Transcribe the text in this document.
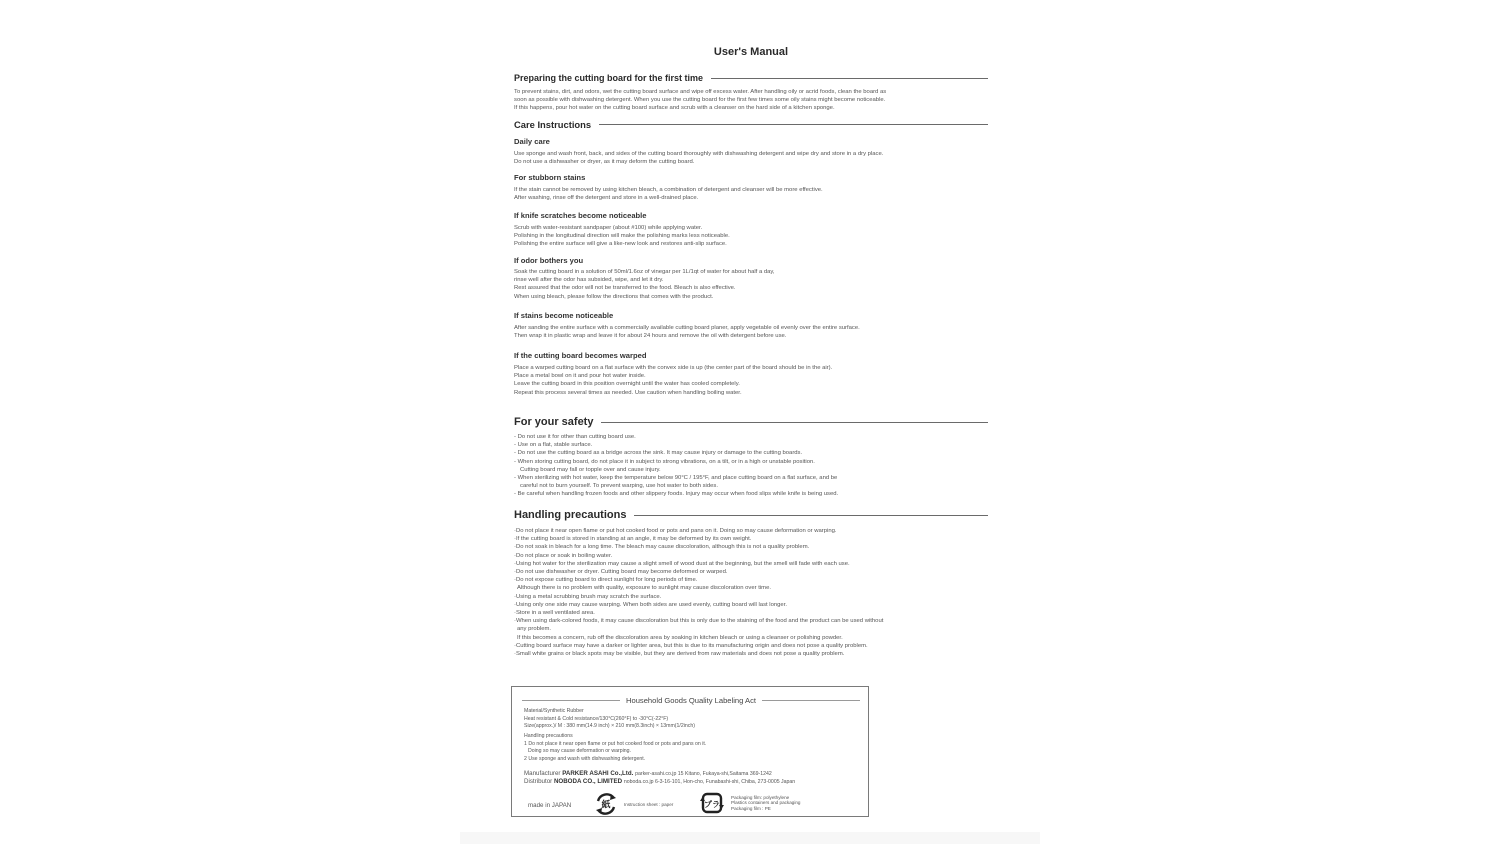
User's Manual
Preparing the cutting board for the first time
To prevent stains, dirt, and odors, wet the cutting board surface and wipe off excess water. After handling oily or acrid foods, clean the board as
soon as possible with dishwashing detergent. When you use the cutting board for the first few times some oily stains might become noticeable.
If this happens, pour hot water on the cutting board surface and scrub with a cleanser on the hard side of a kitchen sponge.
Care Instructions
Daily care
Use sponge and wash front, back, and sides of the cutting board thoroughly with dishwashing detergent and wipe dry and store in a dry place.
Do not use a dishwasher or dryer, as it may deform the cutting board.
For stubborn stains
If the stain cannot be removed by using kitchen bleach, a combination of detergent and cleanser will be more effective.
After washing, rinse off the detergent and store in a well-drained place.
If knife scratches become noticeable
Scrub with water-resistant sandpaper (about #100) while applying water.
Polishing in the longitudinal direction will make the polishing marks less noticeable.
Polishing the entire surface will give a like-new look and restores anti-slip surface.
If odor bothers you
Soak the cutting board in a solution of 50ml/1.6oz of vinegar per 1L/1qt of water for about half a day,
rinse well after the odor has subsided, wipe, and let it dry.
Rest assured that the odor will not be transferred to the food. Bleach is also effective.
When using bleach, please follow the directions that comes with the product.
If stains become noticeable
After sanding the entire surface with a commercially available cutting board planer, apply vegetable oil evenly over the entire surface.
Then wrap it in plastic wrap and leave it for about 24 hours and remove the oil with detergent before use.
If the cutting board becomes warped
Place a warped cutting board on a flat surface with the convex side is up (the center part of the board should be in the air).
Place a metal bowl on it and pour hot water inside.
Leave the cutting board in this position overnight until the water has cooled completely.
Repeat this process several times as needed. Use caution when handling boiling water.
For your safety
- Do not use it for other than cutting board use.
- Use on a flat, stable surface.
- Do not use the cutting board as a bridge across the sink. It may cause injury or damage to the cutting boards.
- When storing cutting board, do not place it in subject to strong vibrations, on a tilt, or in a high or unstable position.
Cutting board may fall or topple over and cause injury.
- When sterilizing with hot water, keep the temperature below 90°C / 195°F, and place cutting board on a flat surface, and be
careful not to burn yourself. To prevent warping, use hot water to both sides.
- Be careful when handling frozen foods and other slippery foods. Injury may occur when food slips while knife is being used.
Handling precautions
·Do not place it near open flame or put hot cooked food or pots and pans on it. Doing so may cause deformation or warping.
·If the cutting board is stored in standing at an angle, it may be deformed by its own weight.
·Do not soak in bleach for a long time. The bleach may cause discoloration, although this is not a quality problem.
·Do not place or soak in boiling water.
·Using hot water for the sterilization may cause a slight smell of wood dust at the beginning, but the smell will fade with each use.
·Do not use dishwasher or dryer. Cutting board may become deformed or warped.
·Do not expose cutting board to direct sunlight for long periods of time.
Although there is no problem with quality, exposure to sunlight may cause discoloration over time.
·Using a metal scrubbing brush may scratch the surface.
·Using only one side may cause warping. When both sides are used evenly, cutting board will last longer.
·Store in a well ventilated area.
·When using dark-colored foods, it may cause discoloration but this is only due to the staining of the food and the product can be used without
any problem.
If this becomes a concern, rub off the discoloration area by soaking in kitchen bleach or using a cleanser or polishing powder.
·Cutting board surface may have a darker or lighter area, but this is due to its manufacturing origin and does not pose a quality problem.
·Small white grains or black spots may be visible, but they are derived from raw materials and does not pose a quality problem.
Household Goods Quality Labeling Act
Material/Synthetic Rubber
Heat resistant & Cold resistance/130°C(260°F) to -30°C(-22°F)
Size(approx.)/ M : 380 mm(14.9 inch) × 210 mm(8.3inch) × 13mm(1/2inch)
Handling precautions
1 Do not place it near open flame or put hot cooked food or pots and pans on it.
Doing so may cause deformation or warping.
2 Use sponge and wash with dishwashing detergent.
Manufacturer PARKER ASAHI Co.,Ltd. parker-asahi.co.jp 15 Kitano, Fukaya-shi,Saitama 369-1242
Distributor NOBODA CO., LIMITED noboda.co.jp 6-3-16-101, Hon-cho, Funabashi-shi, Chiba, 273-0005 Japan
made in JAPAN	紙	Instruction sheet : paper	プラ
Packaging film: polyethylene
Plastics containers and packaging
Packaging film : PE
